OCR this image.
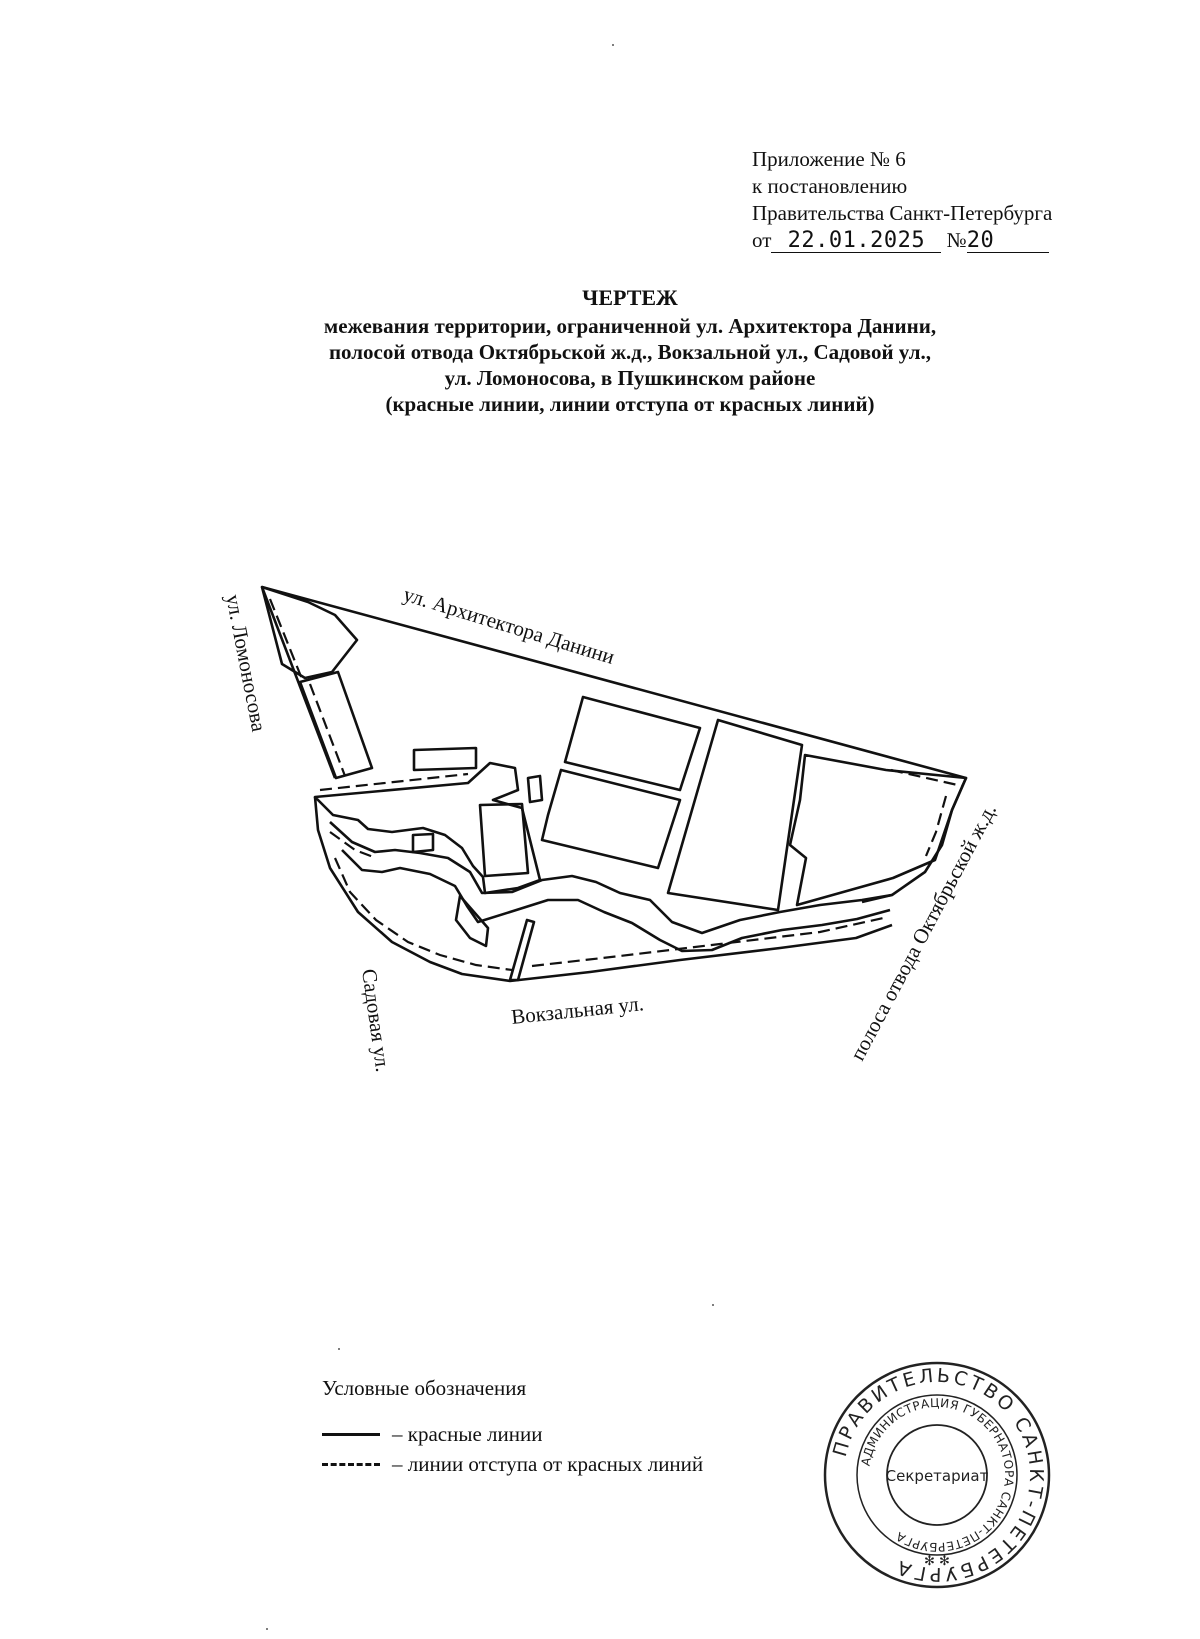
Приложение № 6
к постановлению
Правительства Санкт-Петербурга
от 22.01.2025 №20
ЧЕРТЕЖ
межевания территории, ограниченной ул. Архитектора Данини,
полосой отвода Октябрьской ж.д., Вокзальной ул., Садовой ул.,
ул. Ломоносова, в Пушкинском районе
(красные линии, линии отступа от красных линий)
ул. Ломоносова	ул. Архитектора Данини
полоса отвода Октябрьской ж.д.
Вокзальная ул.
Садовая ул.
Условные обозначения
– красные линии
– линии отступа от красных линий
ПРАВИТЕЛЬСТВО САНКТ-ПЕТЕРБУРГА
АДМИНИСТРАЦИЯ ГУБЕРНАТОРА САНКТ-ПЕТЕРБУРГА
Секретариат
✻ ✻
